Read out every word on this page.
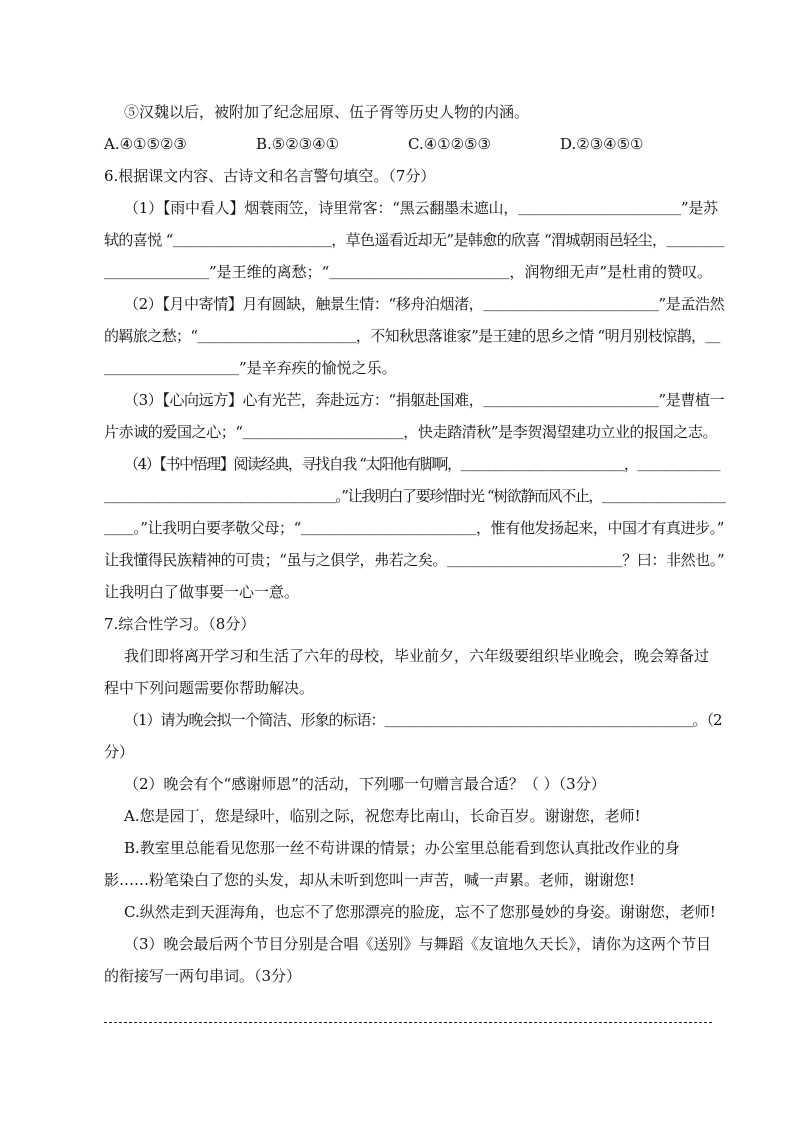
⑤汉魏以后，被附加了纪念屈原、伍子胥等历史人物的内涵。
A.④①⑤②③	B.⑤②③④①	C.④①②⑤③	D.②③④⑤①
6.根据课文内容、古诗文和名言警句填空。（7分）
（1）【雨中看人】烟蓑雨笠，诗里常客：“黑云翻墨未遮山，＿＿＿＿＿＿＿＿＿＿＿”是苏
轼的喜悦 “＿＿＿＿＿＿＿＿＿＿＿，草色遥看近却无”是韩愈的欣喜 “渭城朝雨邑轻尘，＿＿＿＿
＿＿＿＿＿＿＿”是王维的离愁；“＿＿＿＿＿＿＿＿＿＿＿＿，润物细无声”是杜甫的赞叹。
（2）【月中寄情】月有圆缺，触景生情：“移舟泊烟渚，＿＿＿＿＿＿＿＿＿＿＿＿”是孟浩然
的羁旅之愁；“＿＿＿＿＿＿＿＿＿＿＿，不知秋思落谁家”是王建的思乡之情 “明月别枝惊鹊，＿
＿＿＿＿＿＿＿＿＿”是辛弃疾的愉悦之乐。
（3）【心向远方】心有光芒，奔赴远方：“捐躯赴国难，＿＿＿＿＿＿＿＿＿＿＿＿”是曹植一
片赤诚的爱国之心；“＿＿＿＿＿＿＿＿＿＿＿，快走踏清秋”是李贺渴望建功立业的报国之志。
（4）【书中悟理】阅读经典，寻找自我 “太阳他有脚啊，＿＿＿＿＿＿＿＿＿＿＿＿，＿＿＿＿＿＿
＿＿＿＿＿＿＿＿＿＿＿＿＿＿＿＿＿。”让我明白了要珍惜时光 “树欲静而风不止，＿＿＿＿＿＿＿＿＿
＿＿。”让我明白要孝敬父母；“＿＿＿＿＿＿＿＿＿＿＿＿，惟有他发扬起来，中国才有真进步。”
让我懂得民族精神的可贵；“虽与之俱学，弗若之矣。＿＿＿＿＿＿＿＿＿＿＿＿？曰：非然也。”
让我明白了做事要一心一意。
7.综合性学习。（8分）
我们即将离开学习和生活了六年的母校，毕业前夕，六年级要组织毕业晚会，晚会筹备过
程中下列问题需要你帮助解决。
（1）请为晚会拟一个简洁、形象的标语：＿＿＿＿＿＿＿＿＿＿＿＿＿＿＿＿＿＿＿＿＿＿。（2
分）
（2）晚会有个“感谢师恩”的活动，下列哪一句赠言最合适？（ ）（3分）
A.您是园丁，您是绿叶，临别之际，祝您寿比南山，长命百岁。谢谢您，老师!
B.教室里总能看见您那一丝不苟讲课的情景；办公室里总能看到您认真批改作业的身
影……粉笔染白了您的头发，却从未听到您叫一声苦，喊一声累。老师，谢谢您!
C.纵然走到天涯海角，也忘不了您那漂亮的脸庞，忘不了您那曼妙的身姿。谢谢您，老师!
（3）晚会最后两个节目分别是合唱《送别》与舞蹈《友谊地久天长》，请你为这两个节目
的衔接写一两句串词。（3分）
